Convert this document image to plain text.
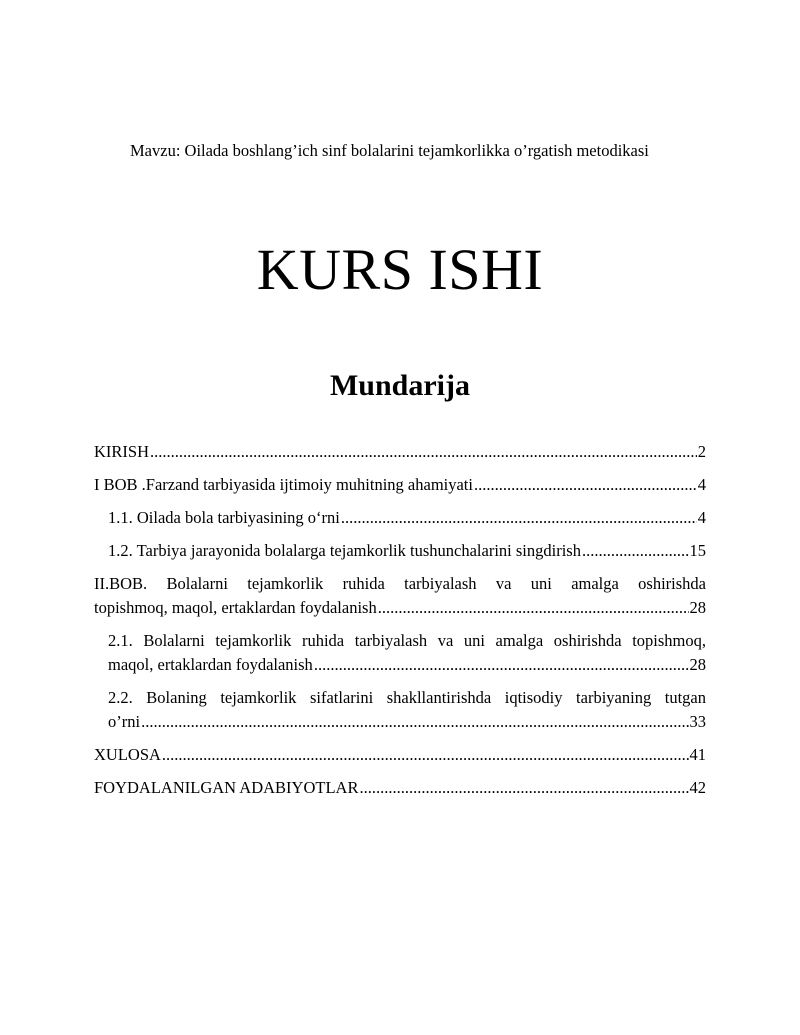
Mavzu: Oilada boshlang’ich sinf bolalarini tejamkorlikka o’rgatish metodikasi
KURS ISHI
Mundarija
KIRISH .....	2
I BOB .Farzand tarbiyasida ijtimoiy muhitning ahamiyati .....	4
1.1. Oilada bola tarbiyasining o‘rni .....	4
1.2. Tarbiya jarayonida bolalarga tejamkorlik tushunchalarini singdirish .....	15
II.BOB. Bolalarni tejamkorlik ruhida tarbiyalash va uni amalga oshirishda
topishmoq, maqol, ertaklardan foydalanish .....	28
2.1. Bolalarni tejamkorlik ruhida tarbiyalash va uni amalga oshirishda topishmoq,
maqol, ertaklardan foydalanish .....	28
2.2. Bolaning tejamkorlik sifatlarini shakllantirishda iqtisodiy tarbiyaning tutgan
o’rni .....	33
XULOSA .....	41
FOYDALANILGAN ADABIYOTLAR .....	42
